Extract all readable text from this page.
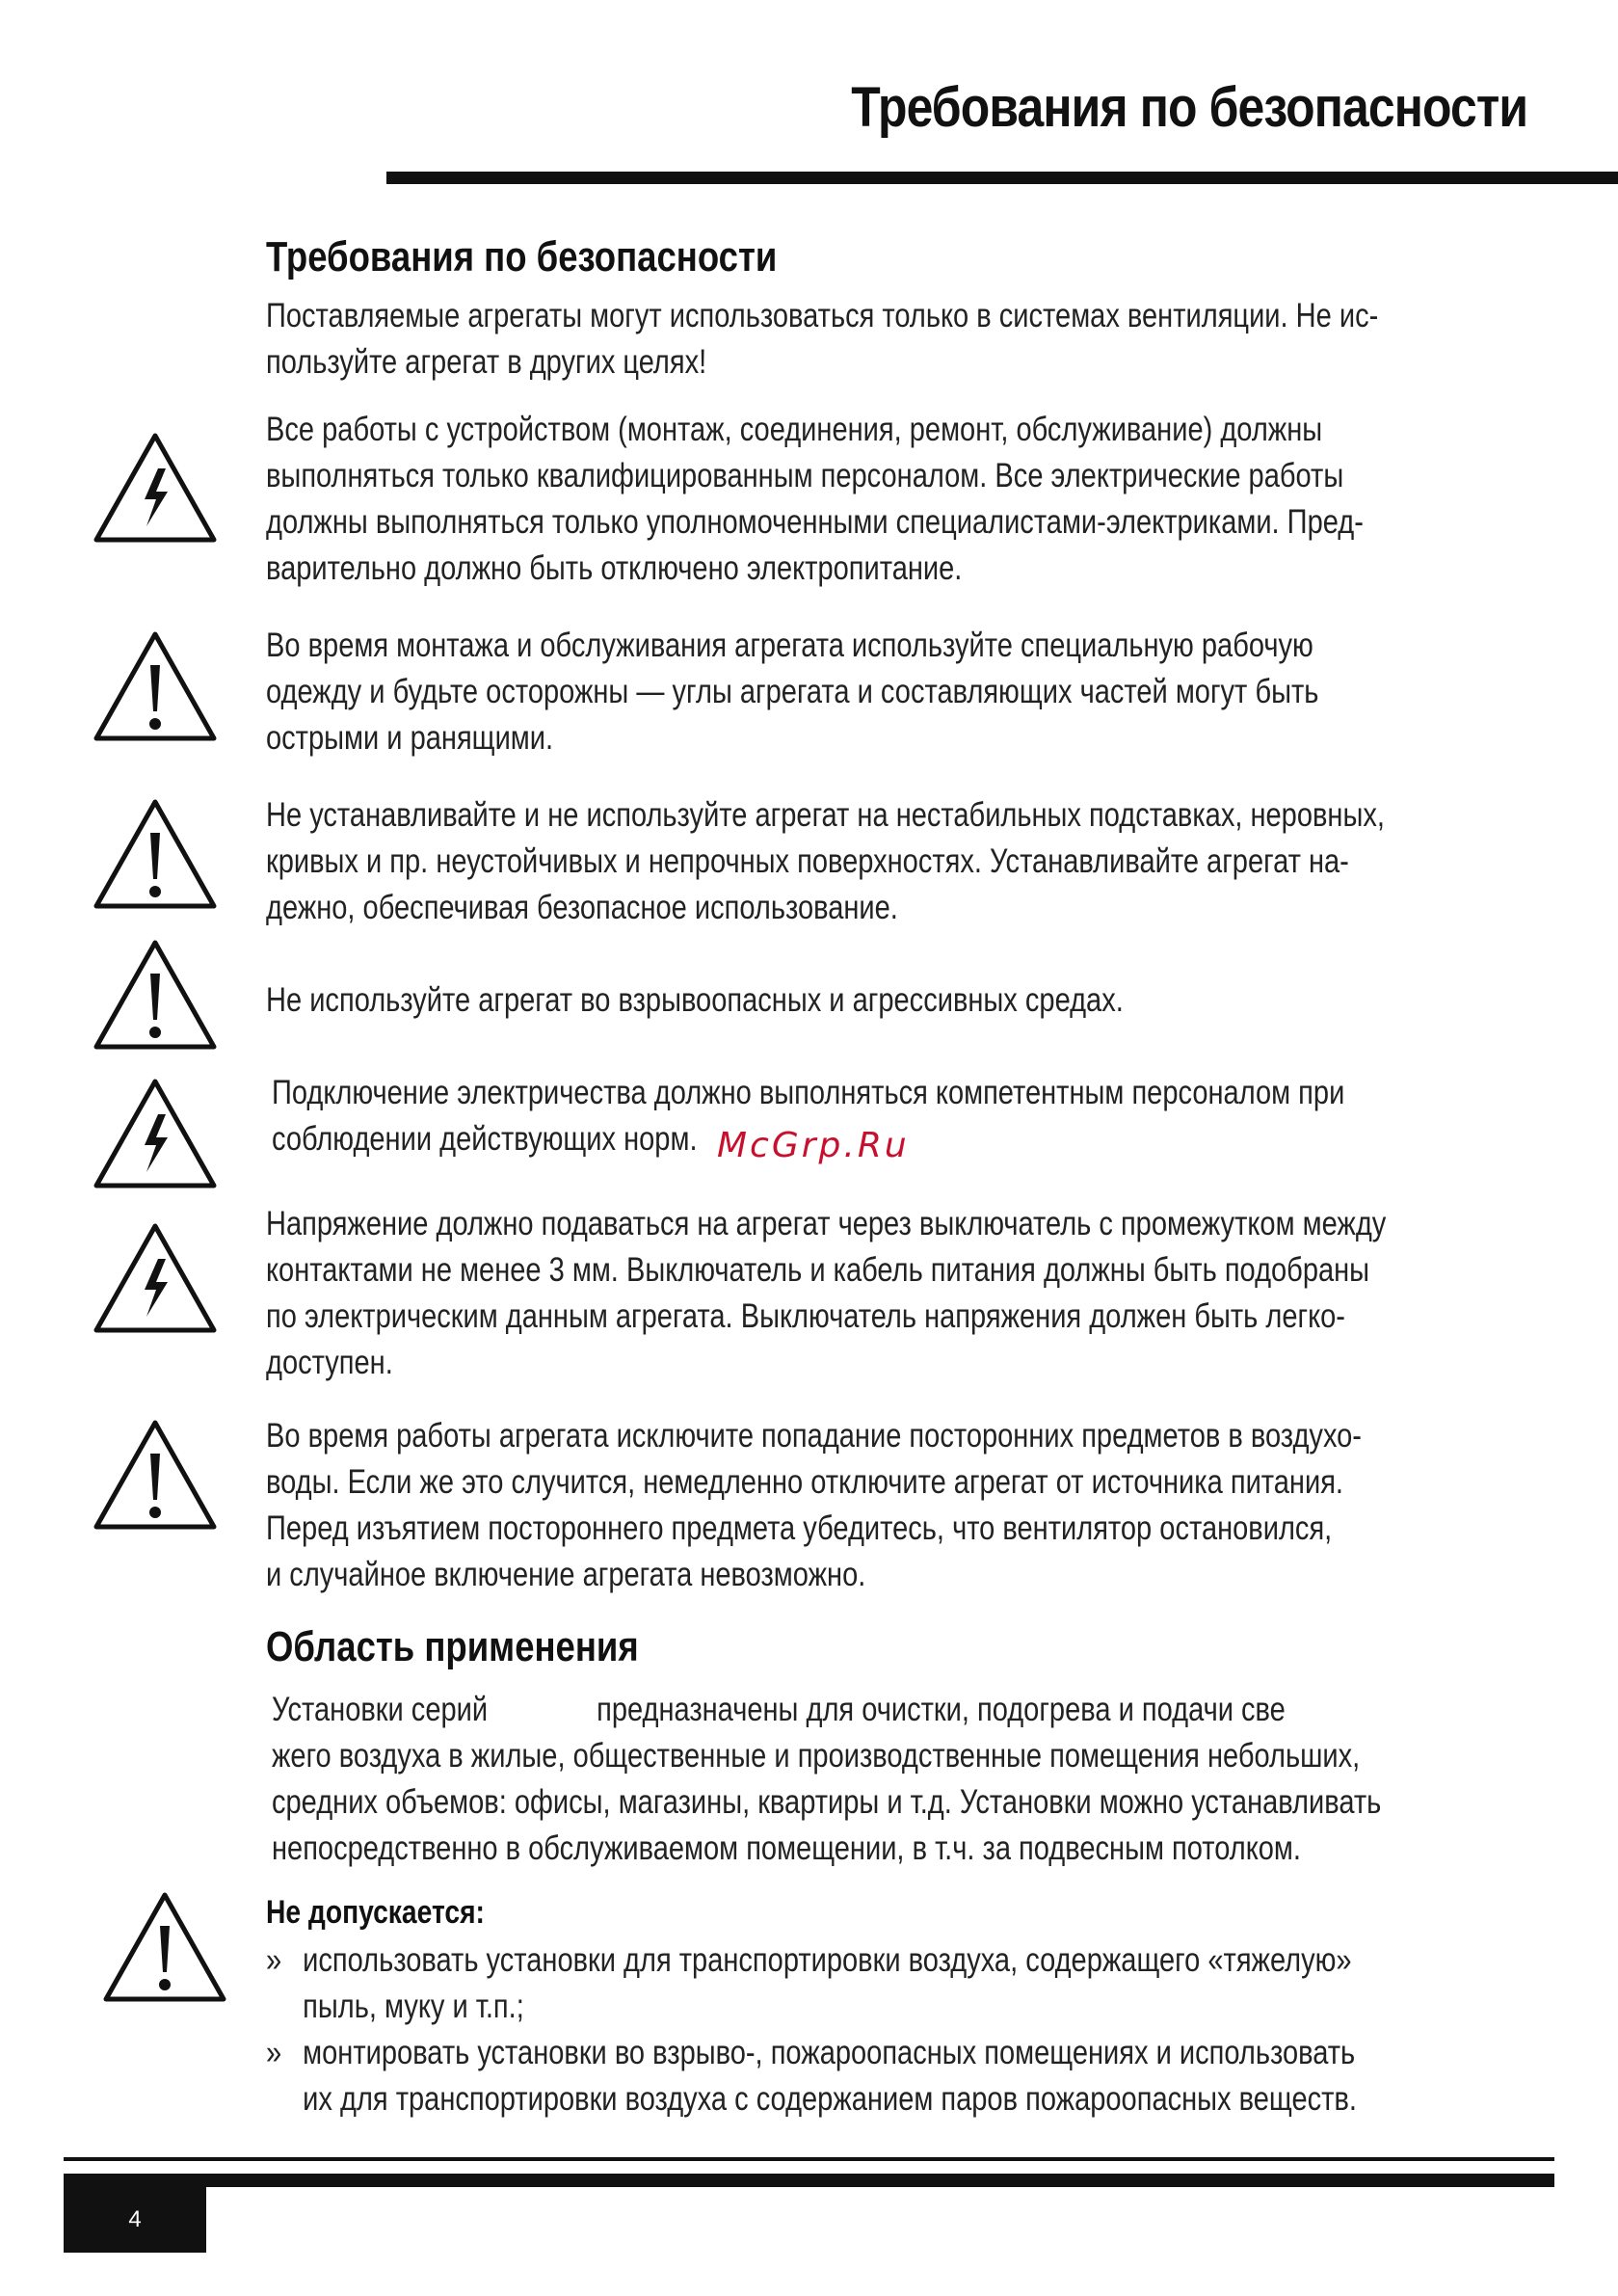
Требования по безопасности
Требования по безопасности
Поставляемые агрегаты могут использоваться только в системах вентиляции. Не ис-
пользуйте агрегат в других целях!
Все работы с устройством (монтаж, соединения, ремонт, обслуживание) должны
выполняться только квалифицированным персоналом. Все электрические работы
должны выполняться только уполномоченными специалистами-электриками. Пред-
варительно должно быть отключено электропитание.
Во время монтажа и обслуживания агрегата используйте специальную рабочую
одежду и будьте осторожны — углы агрегата и составляющих частей могут быть
острыми и ранящими.
Не устанавливайте и не используйте агрегат на нестабильных подставках, неровных,
кривых и пр. неустойчивых и непрочных поверхностях. Устанавливайте агрегат на-
дежно, обеспечивая безопасное использование.
Не используйте агрегат во взрывоопасных и агрессивных средах.
Подключение электричества должно выполняться компетентным персоналом при
соблюдении действующих норм. McGrp.Ru
Напряжение должно подаваться на агрегат через выключатель с промежутком между
контактами не менее 3 мм. Выключатель и кабель питания должны быть подобраны
по электрическим данным агрегата. Выключатель напряжения должен быть легко-
доступен.
Во время работы агрегата исключите попадание посторонних предметов в воздухо-
воды. Если же это случится, немедленно отключите агрегат от источника питания.
Перед изъятием постороннего предмета убедитесь, что вентилятор остановился,
и случайное включение агрегата невозможно.
Область применения
Установки серий              предназначены для очистки, подогрева и подачи све
жего воздуха в жилые, общественные и производственные помещения небольших,
средних объемов: офисы, магазины, квартиры и т.д. Установки можно устанавливать
непосредственно в обслуживаемом помещении, в т.ч. за подвесным потолком.
Не допускается:
» использовать установки для транспортировки воздуха, содержащего «тяжелую»
пыль, муку и т.п.;
» монтировать установки во взрыво-, пожароопасных помещениях и использовать
их для транспортировки воздуха с содержанием паров пожароопасных веществ.
4
